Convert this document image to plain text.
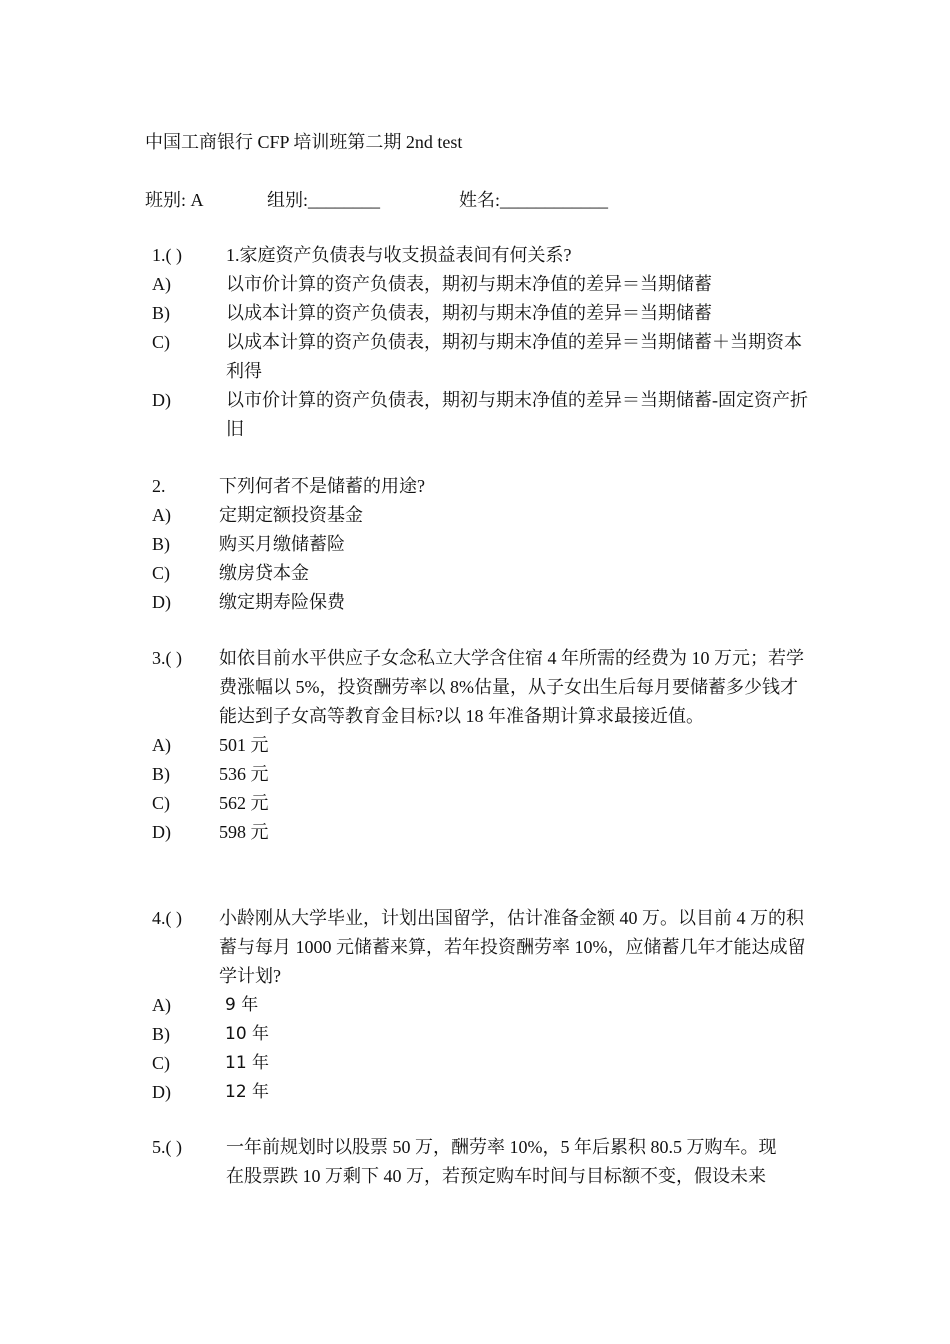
中国工商银行 CFP 培训班第二期 2nd test
班别: A	组别:________	姓名:____________
1.( )	1.家庭资产负债表与收支损益表间有何关系?
A)	以市价计算的资产负债表，期初与期末净值的差异＝当期储蓄
B)	以成本计算的资产负债表，期初与期末净值的差异＝当期储蓄
C)	以成本计算的资产负债表，期初与期末净值的差异＝当期储蓄＋当期资本利得
D)	以市价计算的资产负债表，期初与期末净值的差异＝当期储蓄-固定资产折旧
2.	下列何者不是储蓄的用途?
A)	定期定额投资基金
B)	购买月缴储蓄险
C)	缴房贷本金
D)	缴定期寿险保费
3.( )	如依目前水平供应子女念私立大学含住宿 4 年所需的经费为 10 万元；若学费涨幅以 5%，投资酬劳率以 8%估量，从子女出生后每月要储蓄多少钱才能达到子女高等教育金目标?以 18 年准备期计算求最接近值。
A)	501 元
B)	536 元
C)	562 元
D)	598 元
4.( )	小龄刚从大学毕业，计划出国留学，估计准备金额 40 万。以目前 4 万的积蓄与每月 1000 元储蓄来算，若年投资酬劳率 10%，应储蓄几年才能达成留学计划?
A)	9 年
B)	10 年
C)	11 年
D)	12 年
5.( )	一年前规划时以股票 50 万，酬劳率 10%，5 年后累积 80.5 万购车。现
在股票跌 10 万剩下 40 万，若预定购车时间与目标额不变，假设未来
